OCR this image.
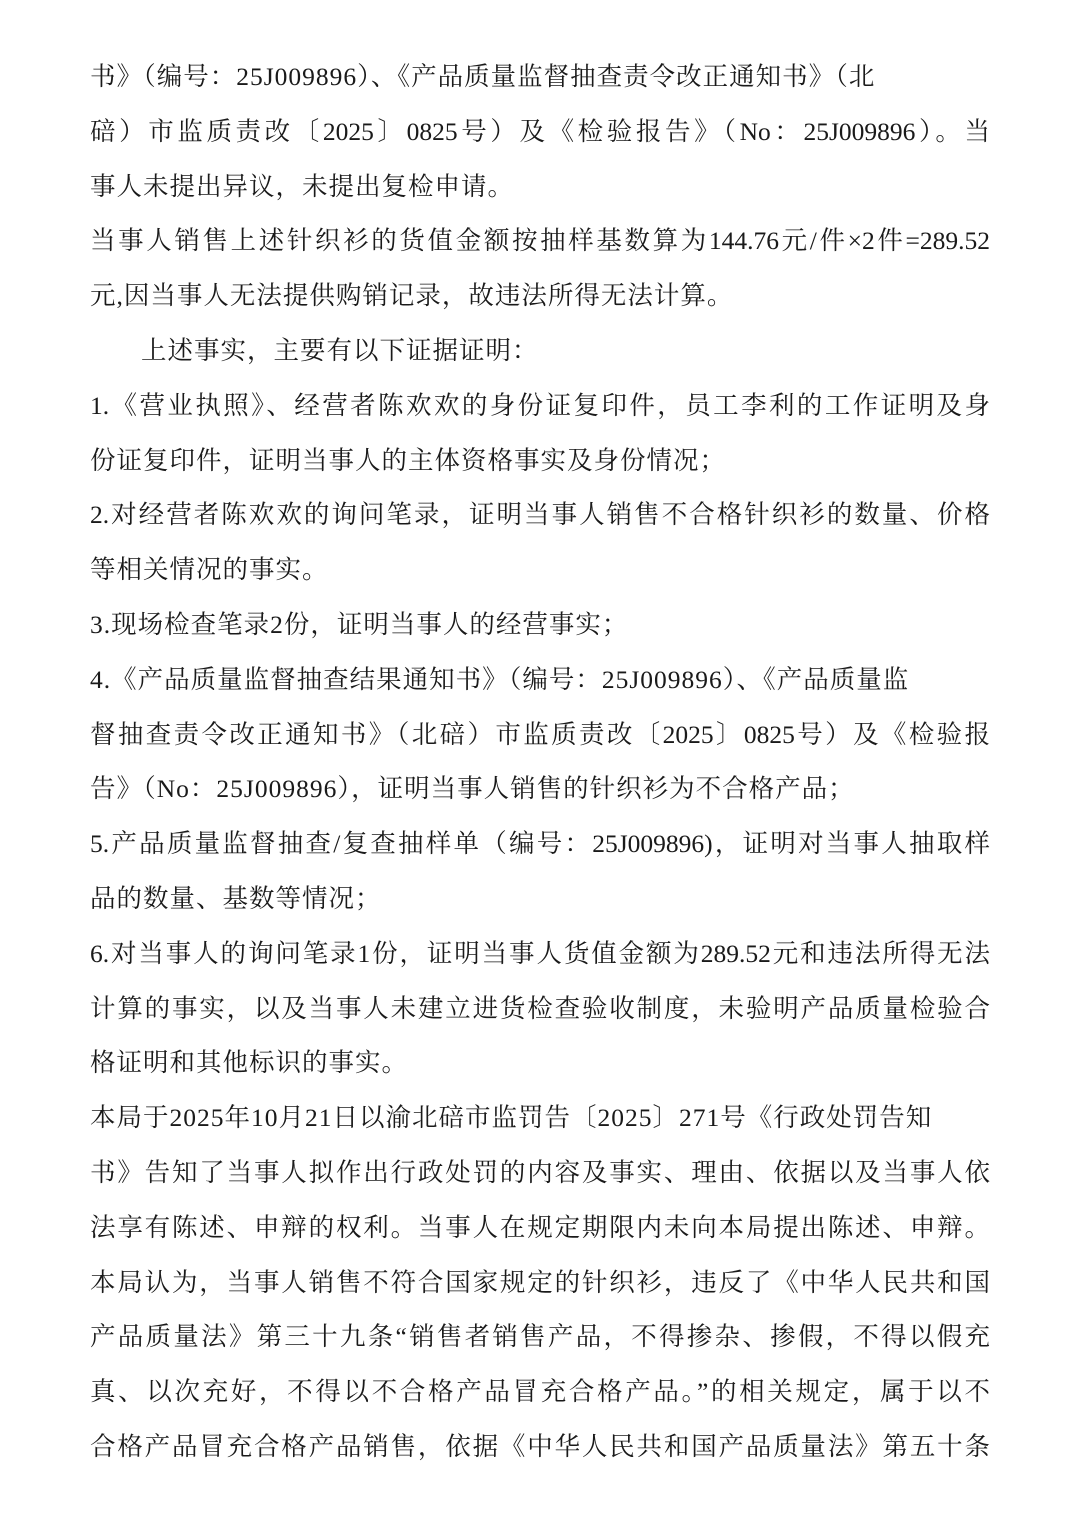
书》（编号：25J009896）、《产品质量监督抽查责令改正通知书》（北
碚）市监质责改〔2025〕0825号）及《检验报告》（No：25J009896）。当
事人未提出异议，未提出复检申请。

当事人销售上述针织衫的货值金额按抽样基数算为144.76元/件×2件=289.52
元,因当事人无法提供购销记录，故违法所得无法计算。

上述事实，主要有以下证据证明：

1.《营业执照》、经营者陈欢欢的身份证复印件，员工李利的工作证明及身
份证复印件，证明当事人的主体资格事实及身份情况；

2.对经营者陈欢欢的询问笔录，证明当事人销售不合格针织衫的数量、价格
等相关情况的事实。

3.现场检查笔录2份，证明当事人的经营事实；

4.《产品质量监督抽查结果通知书》（编号：25J009896）、《产品质量监
督抽查责令改正通知书》（北碚）市监质责改〔2025〕0825号）及《检验报
告》（No：25J009896），证明当事人销售的针织衫为不合格产品；

5.产品质量监督抽查/复查抽样单（编号：25J009896)，证明对当事人抽取样
品的数量、基数等情况；

6.对当事人的询问笔录1份，证明当事人货值金额为289.52元和违法所得无法
计算的事实，以及当事人未建立进货检查验收制度，未验明产品质量检验合
格证明和其他标识的事实。

本局于2025年10月21日以渝北碚市监罚告〔2025〕271号《行政处罚告知
书》告知了当事人拟作出行政处罚的内容及事实、理由、依据以及当事人依
法享有陈述、申辩的权利。当事人在规定期限内未向本局提出陈述、申辩。

本局认为，当事人销售不符合国家规定的针织衫，违反了《中华人民共和国
产品质量法》第三十九条“销售者销售产品，不得掺杂、掺假，不得以假充
真、以次充好，不得以不合格产品冒充合格产品。”的相关规定，属于以不
合格产品冒充合格产品销售，依据《中华人民共和国产品质量法》第五十条
